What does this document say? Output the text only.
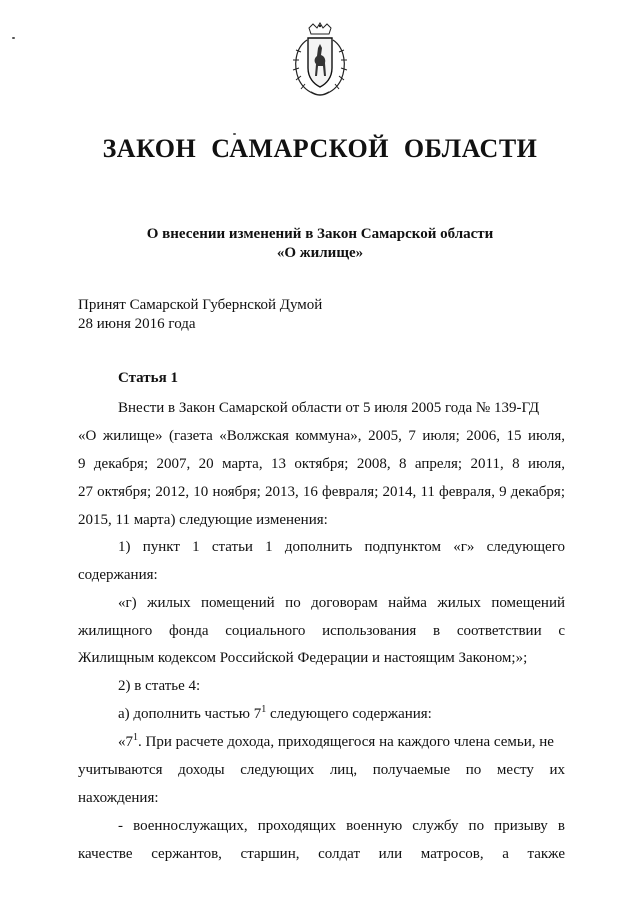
ЗАКОН САМАРСКОЙ ОБЛАСТИ
О внесении изменений в Закон Самарской области
«О жилище»
Принят Самарской Губернской Думой
28 июня 2016 года
Статья 1
Внести в Закон Самарской области от 5 июля 2005 года № 139-ГД
«О жилище» (газета «Волжская коммуна», 2005, 7 июля; 2006, 15 июля,
9 декабря; 2007, 20 марта, 13 октября; 2008, 8 апреля; 2011, 8 июля,
27 октября; 2012, 10 ноября; 2013, 16 февраля; 2014, 11 февраля, 9 декабря;
2015, 11 марта) следующие изменения:
1) пункт 1 статьи 1 дополнить подпунктом «г» следующего
содержания:
«г) жилых помещений по договорам найма жилых помещений
жилищного фонда социального использования в соответствии с
Жилищным кодексом Российской Федерации и настоящим Законом;»;
2) в статье 4:
а) дополнить частью $7^1$ следующего содержания:
«$7^1$. При расчете дохода, приходящегося на каждого члена семьи, не
учитываются доходы следующих лиц, получаемые по месту их
нахождения:
- военнослужащих, проходящих военную службу по призыву в
качестве сержантов, старшин, солдат или матросов, а также
